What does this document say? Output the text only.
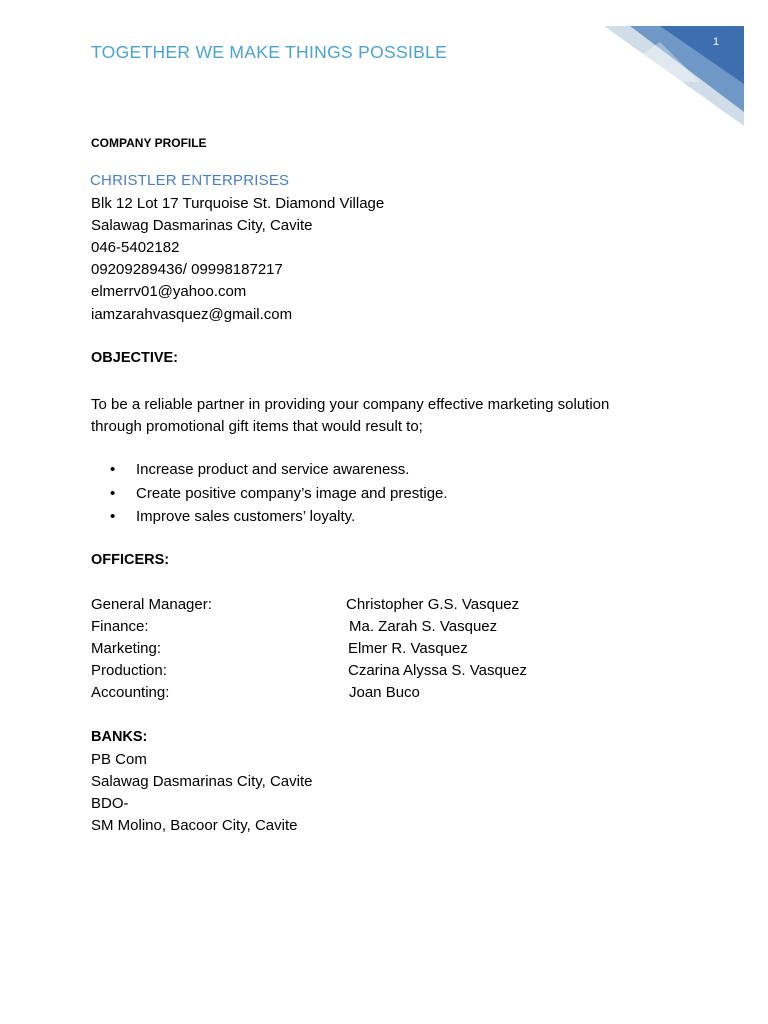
TOGETHER WE MAKE THINGS POSSIBLE	1
COMPANY PROFILE
CHRISTLER ENTERPRISES
Blk 12 Lot 17 Turquoise St. Diamond Village
Salawag Dasmarinas City, Cavite
046-5402182
09209289436/ 09998187217
elmerrv01@yahoo.com
iamzarahvasquez@gmail.com
OBJECTIVE:
To be a reliable partner in providing your company effective marketing solution
through promotional gift items that would result to;
• Increase product and service awareness.
• Create positive company’s image and prestige.
• Improve sales customers’ loyalty.
OFFICERS:
General Manager:	Christopher G.S. Vasquez
Finance:	Ma. Zarah S. Vasquez
Marketing:	Elmer R. Vasquez
Production:	Czarina Alyssa S. Vasquez
Accounting:	Joan Buco
BANKS:
PB Com
Salawag Dasmarinas City, Cavite
BDO-
SM Molino, Bacoor City, Cavite
